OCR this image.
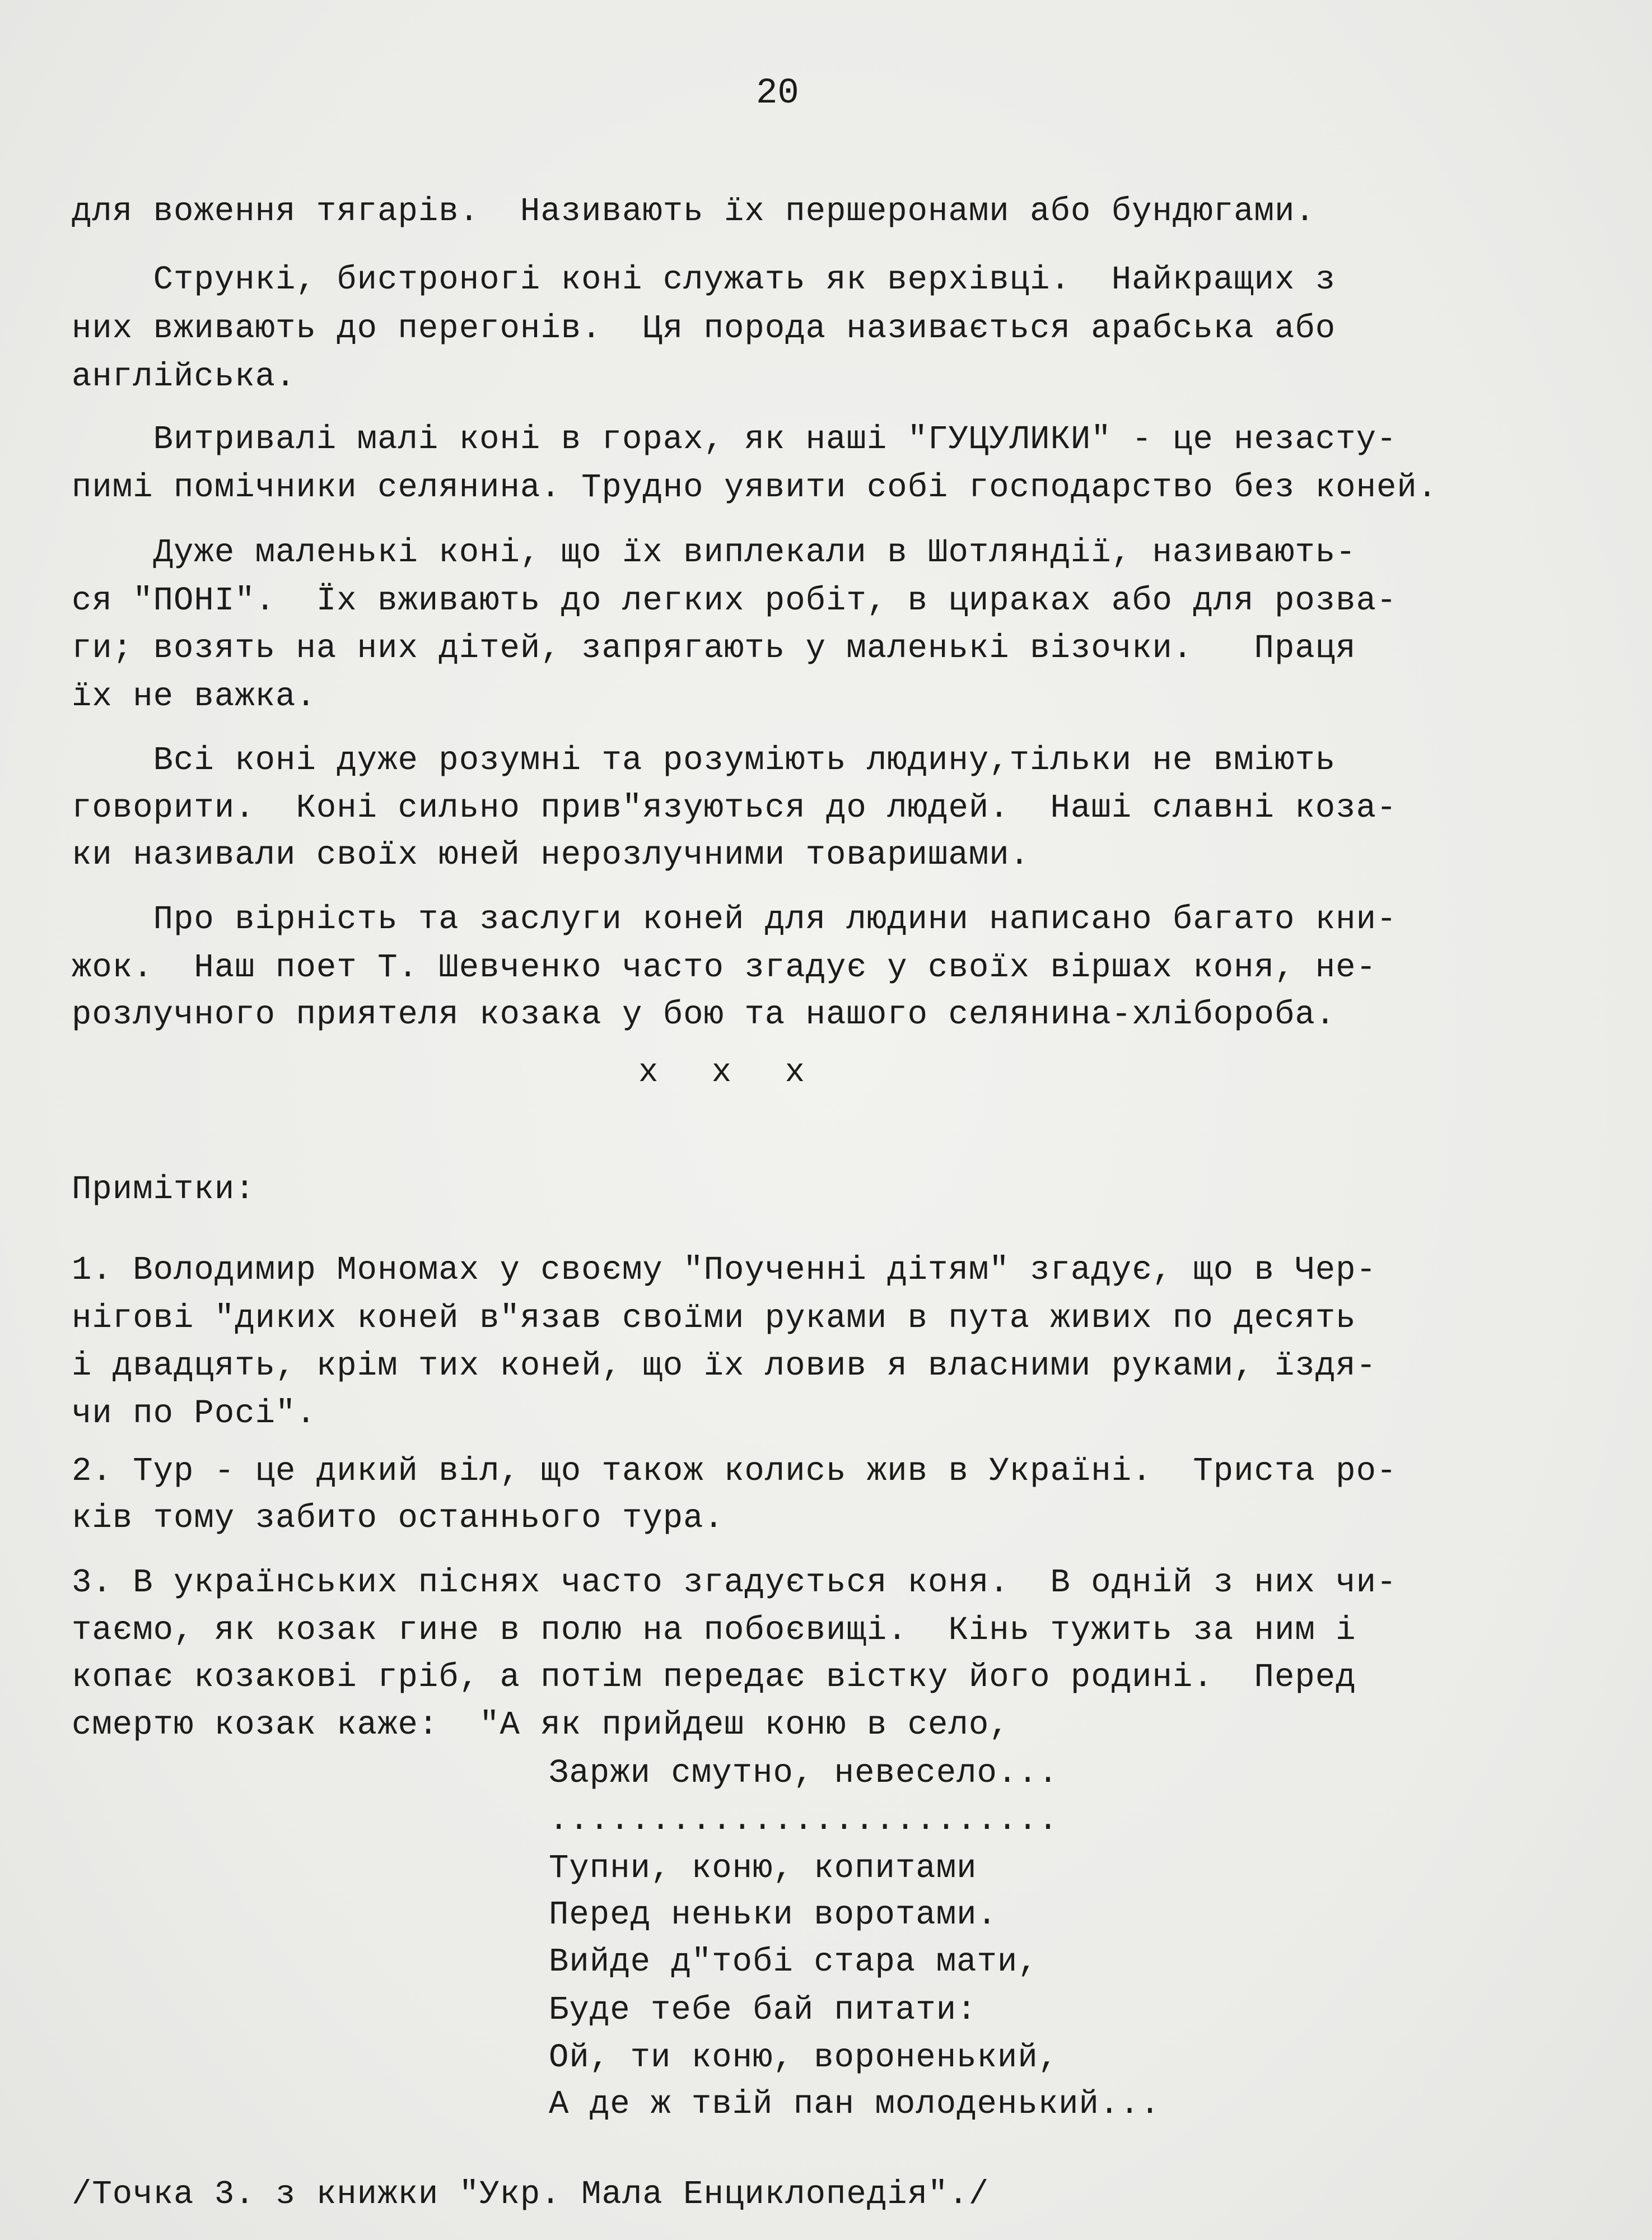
20
для воження тягарів.  Називають їх першеронами або бундюгами.
Стрункі, бистроногі коні служать як верхівці.  Найкращих з
них вживають до перегонів.  Ця порода називається арабська або
англійська.
Витривалі малі коні в горах, як наші "ГУЦУЛИКИ" - це незасту-
пимі помічники селянина. Трудно уявити собі господарство без коней.
Дуже маленькі коні, що їх виплекали в Шотляндії, називають-
ся "ПОНІ".  Їх вживають до легких робіт, в цираках або для розва-
ги; возять на них дітей, запрягають у маленькі візочки.   Праця
їх не важка.
Всі коні дуже розумні та розуміють людину,тільки не вміють
говорити.  Коні сильно прив"язуються до людей.  Наші славні коза-
ки називали своїх юней нерозлучними товаришами.
Про вірність та заслуги коней для людини написано багато кни-
жок.  Наш поет Т. Шевченко часто згадує у своїх віршах коня, не-
розлучного приятеля козака у бою та нашого селянина-хлібороба.
x x x
Примітки:
1. Володимир Мономах у своєму "Поученні дітям" згадує, що в Чер-
нігові "диких коней в"язав своїми руками в пута живих по десять
і двадцять, крім тих коней, що їх ловив я власними руками, їздя-
чи по Росі".
2. Тур - це дикий віл, що також колись жив в Україні.  Триста ро-
ків тому забито останнього тура.
3. В українських піснях часто згадується коня.  В одній з них чи-
таємо, як козак гине в полю на побоєвищі.  Кінь тужить за ним і
копає козакові гріб, а потім передає вістку його родині.  Перед
смертю козак каже:  "А як прийдеш коню в село,
Заржи смутно, невесело...
.........................
Тупни, коню, копитами
Перед неньки воротами.
Вийде д"тобі стара мати,
Буде тебе бай питати:
Ой, ти коню, вороненький,
А де ж твій пан молоденький...
/Точка 3. з книжки "Укр. Мала Енциклопедія"./
